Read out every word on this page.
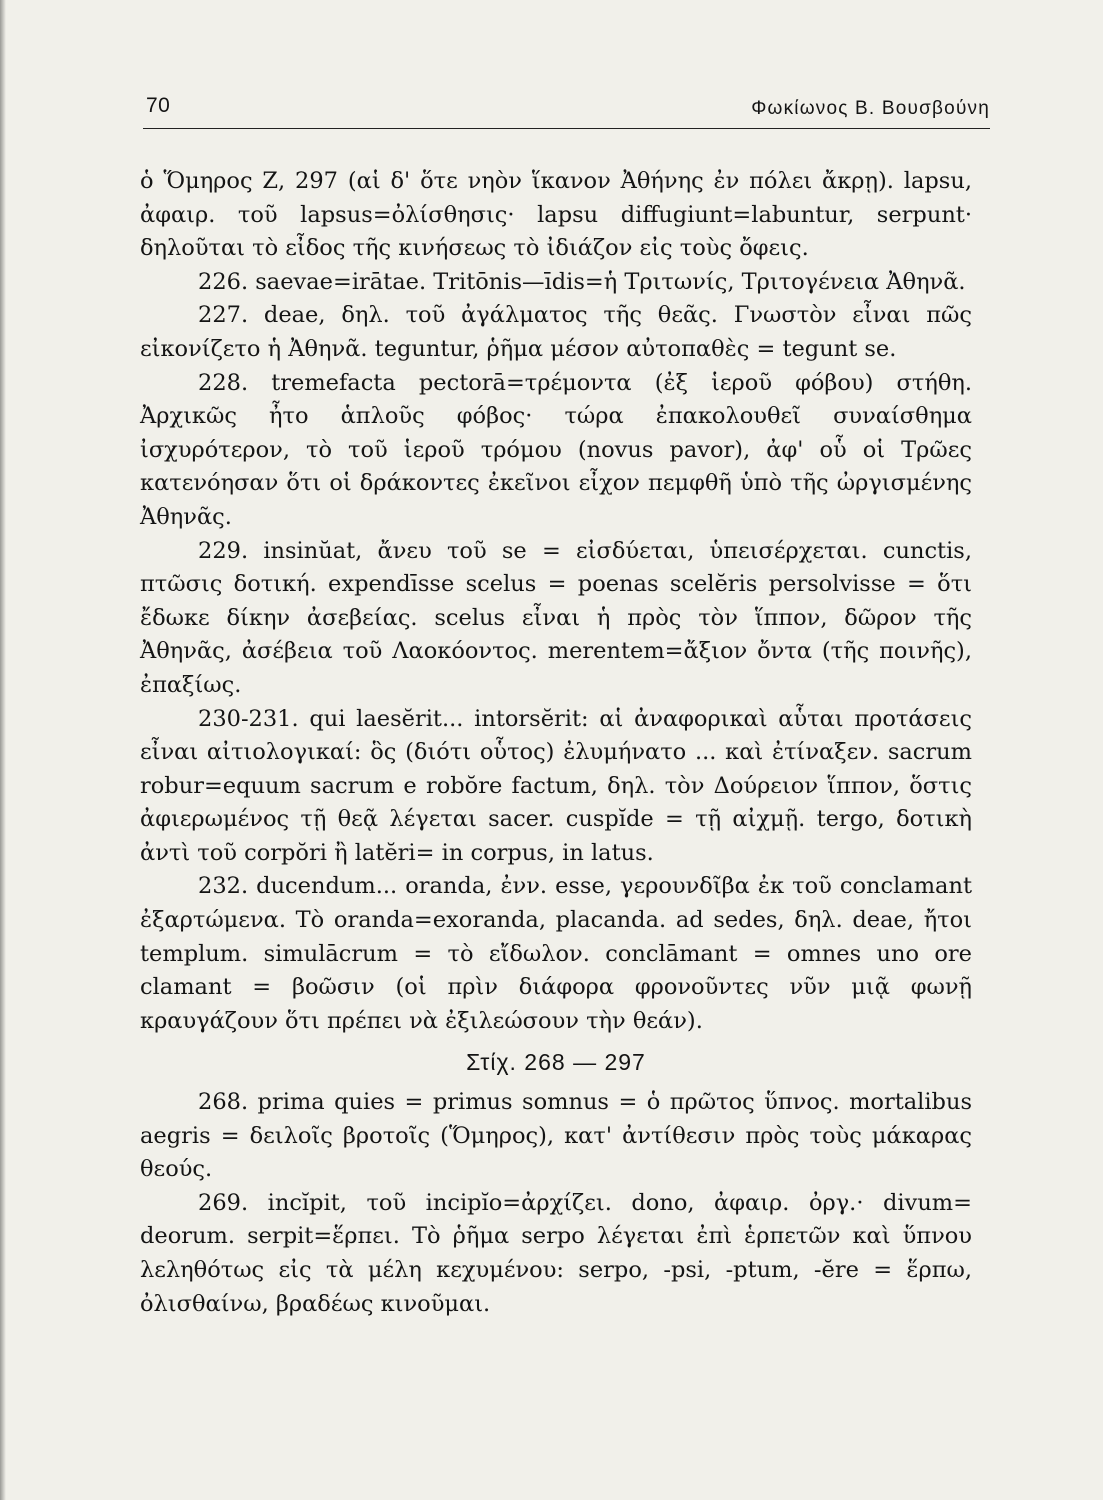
70	Φωκίωνος Β. Βουσβούνη

ὁ Ὅμηρος Ζ, 297 (αἱ δ' ὅτε νηὸν ἵκανον Ἀθήνης ἐν πόλει ἄκρῃ). lapsu, ἀφαιρ. τοῦ lapsus=ὀλίσθησις· lapsu diffugiunt=labuntur, serpunt· δηλοῦται τὸ εἶδος τῆς κινήσεως τὸ ἰδιάζον εἰς τοὺς ὄφεις.

226. saevae=irātae. Tritōnis—īdis=ἡ Τριτωνίς, Τριτογένεια Ἀθηνᾶ.

227. deae, δηλ. τοῦ ἀγάλματος τῆς θεᾶς. Γνωστὸν εἶναι πῶς εἰκονίζετο ἡ Ἀθηνᾶ. teguntur, ῥῆμα μέσον αὐτοπαθὲς = tegunt se.

228. tremefacta pectorā=τρέμοντα (ἐξ ἱεροῦ φόβου) στήθη. Ἀρχικῶς ἦτο ἁπλοῦς φόβος· τώρα ἐπακολουθεῖ συναίσθημα ἰσχυρότερον, τὸ τοῦ ἱεροῦ τρόμου (novus pavor), ἀφ' οὗ οἱ Τρῶες κατενόησαν ὅτι οἱ δράκοντες ἐκεῖνοι εἶχον πεμφθῆ ὑπὸ τῆς ὠργισμένης Ἀθηνᾶς.

229. insinŭat, ἄνευ τοῦ se = εἰσδύεται, ὑπεισέρχεται. cunctis, πτῶσις δοτική. expendīsse scelus = poenas scelĕris persolvisse = ὅτι ἔδωκε δίκην ἀσεβείας. scelus εἶναι ἡ πρὸς τὸν ἵππον, δῶρον τῆς Ἀθηνᾶς, ἀσέβεια τοῦ Λαοκόοντος. merentem=ἄξιον ὄντα (τῆς ποινῆς), ἐπαξίως.

230-231. qui laesĕrit... intorsĕrit: αἱ ἀναφορικαὶ αὗται προτάσεις εἶναι αἰτιολογικαί: ὃς (διότι οὗτος) ἐλυμήνατο ... καὶ ἐτίναξεν. sacrum robur=equum sacrum e robŏre factum, δηλ. τὸν Δούρειον ἵππον, ὅστις ἀφιερωμένος τῇ θεᾷ λέγεται sacer. cuspĭde = τῇ αἰχμῇ. tergo, δοτικὴ ἀντὶ τοῦ corpŏri ἢ latĕri= in corpus, in latus.

232. ducendum... oranda, ἐνν. esse, γερουνδῖβα ἐκ τοῦ conclamant ἐξαρτώμενα. Τὸ oranda=exoranda, placanda. ad sedes, δηλ. deae, ἤτοι templum. simulācrum = τὸ εἴδωλον. conclāmant = omnes uno ore clamant = βοῶσιν (οἱ πρὶν διάφορα φρονοῦντες νῦν μιᾷ φωνῇ κραυγάζουν ὅτι πρέπει νὰ ἐξιλεώσουν τὴν θεάν).

Στίχ. 268 — 297

268. prima quies = primus somnus = ὁ πρῶτος ὕπνος. mortalibus aegris = δειλοῖς βροτοῖς (Ὅμηρος), κατ' ἀντίθεσιν πρὸς τοὺς μάκαρας θεούς.

269. incĭpit, τοῦ incipĭo=ἀρχίζει. dono, ἀφαιρ. ὀργ.· divum= deorum. serpit=ἕρπει. Τὸ ῥῆμα serpo λέγεται ἐπὶ ἑρπετῶν καὶ ὕπνου λεληθότως εἰς τὰ μέλη κεχυμένου: serpo, -psi, -ptum, -ĕre = ἕρπω, ὀλισθαίνω, βραδέως κινοῦμαι.
